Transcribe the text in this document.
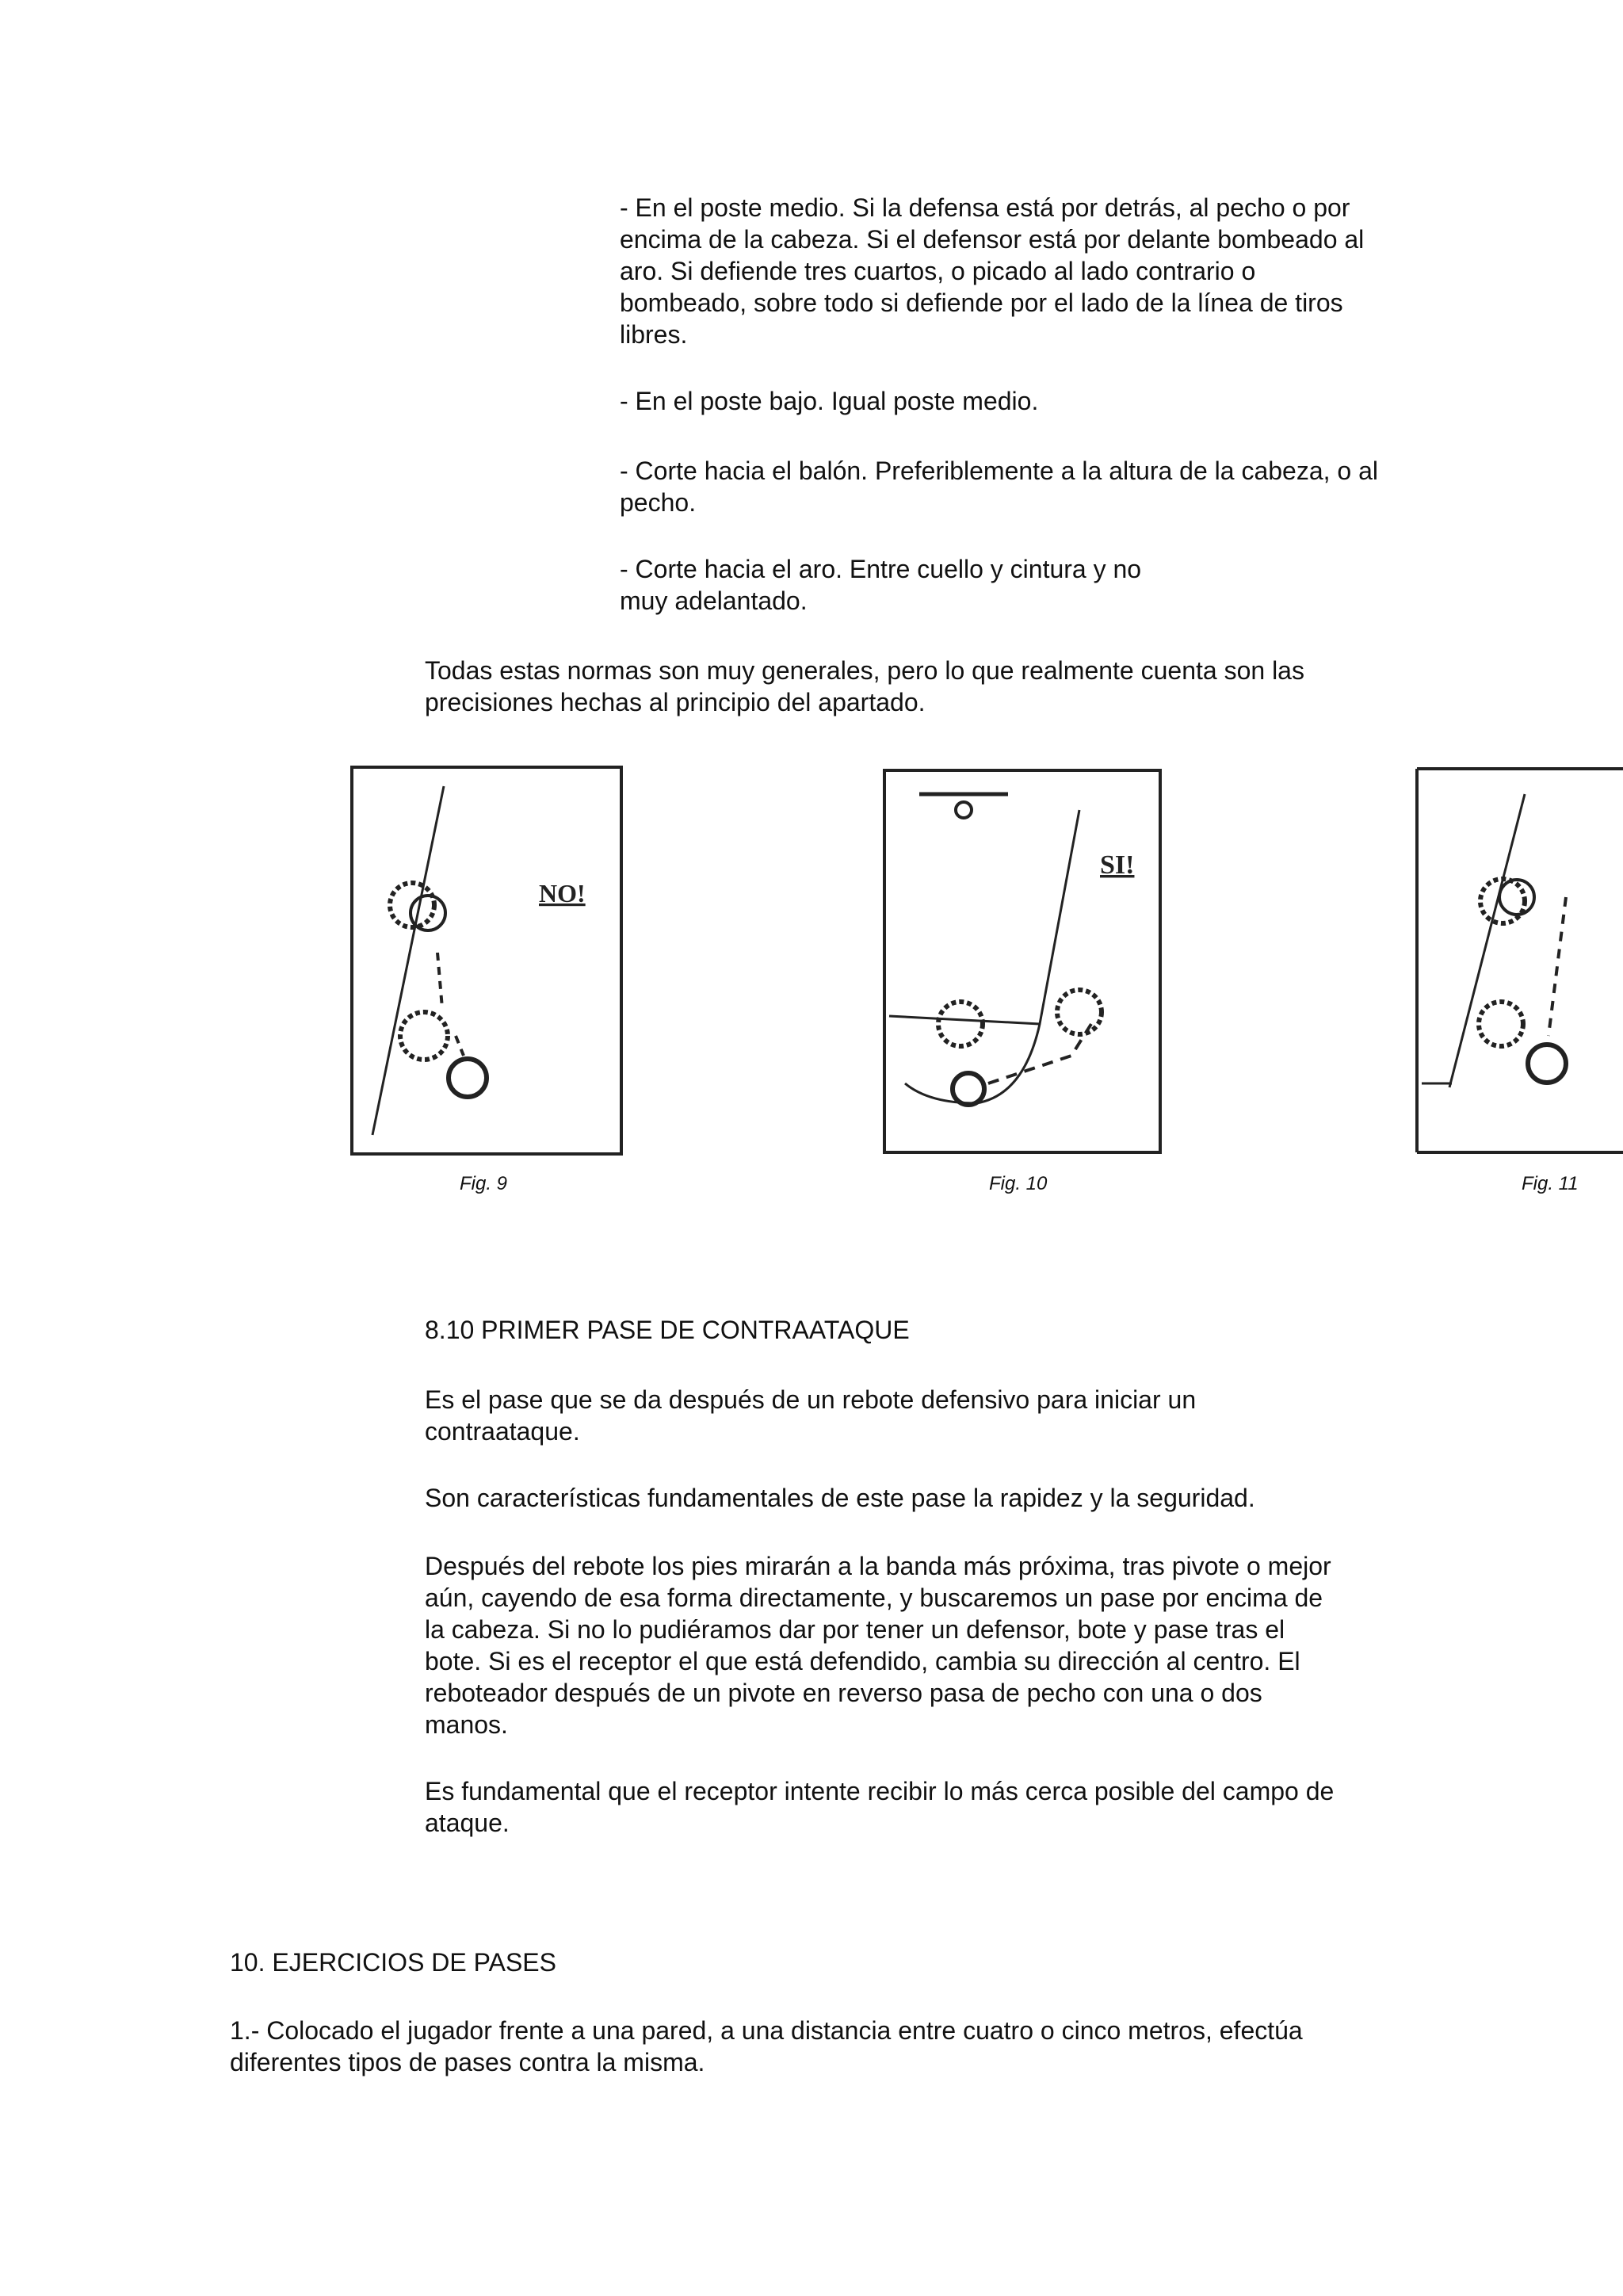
- En el poste medio. Si la defensa está por detrás, al pecho o por encima de la cabeza. Si el defensor está por delante bombeado al aro. Si defiende tres cuartos, o picado al lado contrario o bombeado, sobre todo si defiende por el lado de la línea de tiros libres.

- En el poste bajo. Igual poste medio.

- Corte hacia el balón. Preferiblemente a la altura de la cabeza, o al pecho.

- Corte hacia el aro. Entre cuello y cintura y no muy adelantado.

Todas estas normas son muy generales, pero lo que realmente cuenta son las precisiones hechas al principio del apartado.

NO!
Fig. 9
SI!
Fig. 10	Fig. 11
8.10 PRIMER PASE DE CONTRAATAQUE

Es el pase que se da después de un rebote defensivo para iniciar un contraataque.

Son características fundamentales de este pase la rapidez y la seguridad.

Después del rebote los pies mirarán a la banda más próxima, tras pivote o mejor aún, cayendo de esa forma directamente, y buscaremos un pase por encima de la cabeza. Si no lo pudiéramos dar por tener un defensor, bote y pase tras el bote. Si es el receptor el que está defendido, cambia su dirección al centro. El reboteador después de un pivote en reverso pasa de pecho con una o dos manos.

Es fundamental que el receptor intente recibir lo más cerca posible del campo de ataque.

10. EJERCICIOS DE PASES

1.- Colocado el jugador frente a una pared, a una distancia entre cuatro o cinco metros, efectúa diferentes tipos de pases contra la misma.
